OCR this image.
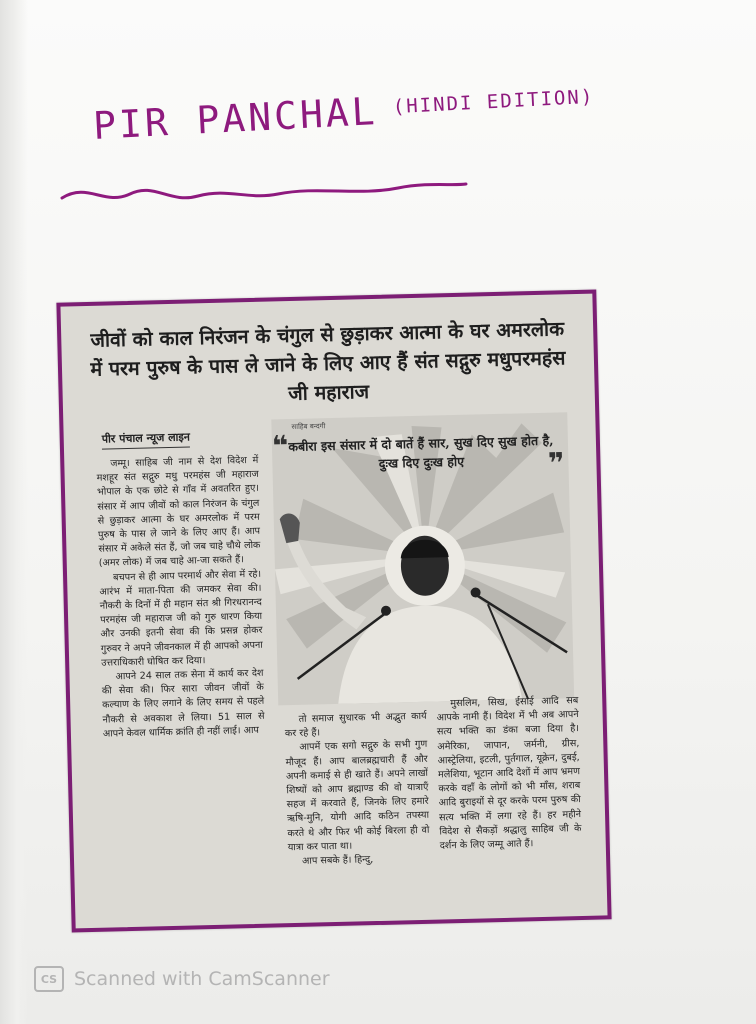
PIR PANCHAL (HINDI EDITION)
जीवों को काल निरंजन के चंगुल से छुड़ाकर आत्मा के घर अमरलोक में परम पुरुष के पास ले जाने के लिए आए हैं संत सद्गुरु मधुपरमहंस जी महाराज
पीर पंचाल न्यूज लाइन

जम्मू। साहिब जी नाम से देश विदेश में मशहूर संत सद्गुरु मधु परमहंस जी महाराज भोपाल के एक छोटे से गाँव में अवतरित हुए। संसार में आप जीवों को काल निरंजन के चंगुल से छुड़ाकर आत्मा के घर अमरलोक में परम पुरुष के पास ले जाने के लिए आए हैं। आप संसार में अकेले संत हैं, जो जब चाहे चौथे लोक (अमर लोक) में जब चाहे आ-जा सकते हैं।

बचपन से ही आप परमार्थ और सेवा में रहे। आरंभ में माता-पिता की जमकर सेवा की। नौकरी के दिनों में ही महान संत श्री गिरधरानन्द परमहंस जी महाराज जी को गुरु धारण किया और उनकी इतनी सेवा की कि प्रसन्न होकर गुरुवर ने अपने जीवनकाल में ही आपको अपना उत्तराधिकारी घोषित कर दिया।

आपने 24 साल तक सेना में कार्य कर देश की सेवा की। फिर सारा जीवन जीवों के कल्याण के लिए लगाने के लिए समय से पहले नौकरी से अवकाश ले लिया। 51 साल से आपने केवल धार्मिक क्रांति ही नहीं लाई। आप

साहिब बन्दगी
❝ कबीरा इस संसार में दो बातें हैं सार, सुख दिए सुख होत है, दुःख दिए दुःख होए	❞

तो समाज सुधारक भी अद्भुत कार्य कर रहे हैं।

आपमें एक सगो सद्गुरु के सभी गुण मौजूद हैं। आप बालब्रह्मचारी हैं और अपनी कमाई से ही खाते हैं। अपने लाखों शिष्यों को आप ब्रह्माण्ड की वो यात्राएँ सहज में करवाते हैं, जिनके लिए हमारे ऋषि-मुनि, योगी आदि कठिन तपस्या करते थे और फिर भी कोई बिरला ही वो यात्रा कर पाता था।

आप सबके हैं। हिन्दु,

मुसलिम, सिख, ईसाई आदि सब आपके नामी हैं। विदेश में भी अब आपने सत्य भक्ति का डंका बजा दिया है। अमेरिका, जापान, जर्मनी, ग्रीस, आस्ट्रेलिया, इटली, पुर्तगाल, यूक्रेन, दुबई, मलेशिया, भूटान आदि देशों में आप भ्रमण करके वहाँ के लोगों को भी माँस, शराब आदि बुराइयों से दूर करके परम पुरुष की सत्य भक्ति में लगा रहे हैं। हर महीने विदेश से सैकड़ों श्रद्धालु साहिब जी के दर्शन के लिए जम्मू आते हैं।

CS Scanned with CamScanner
